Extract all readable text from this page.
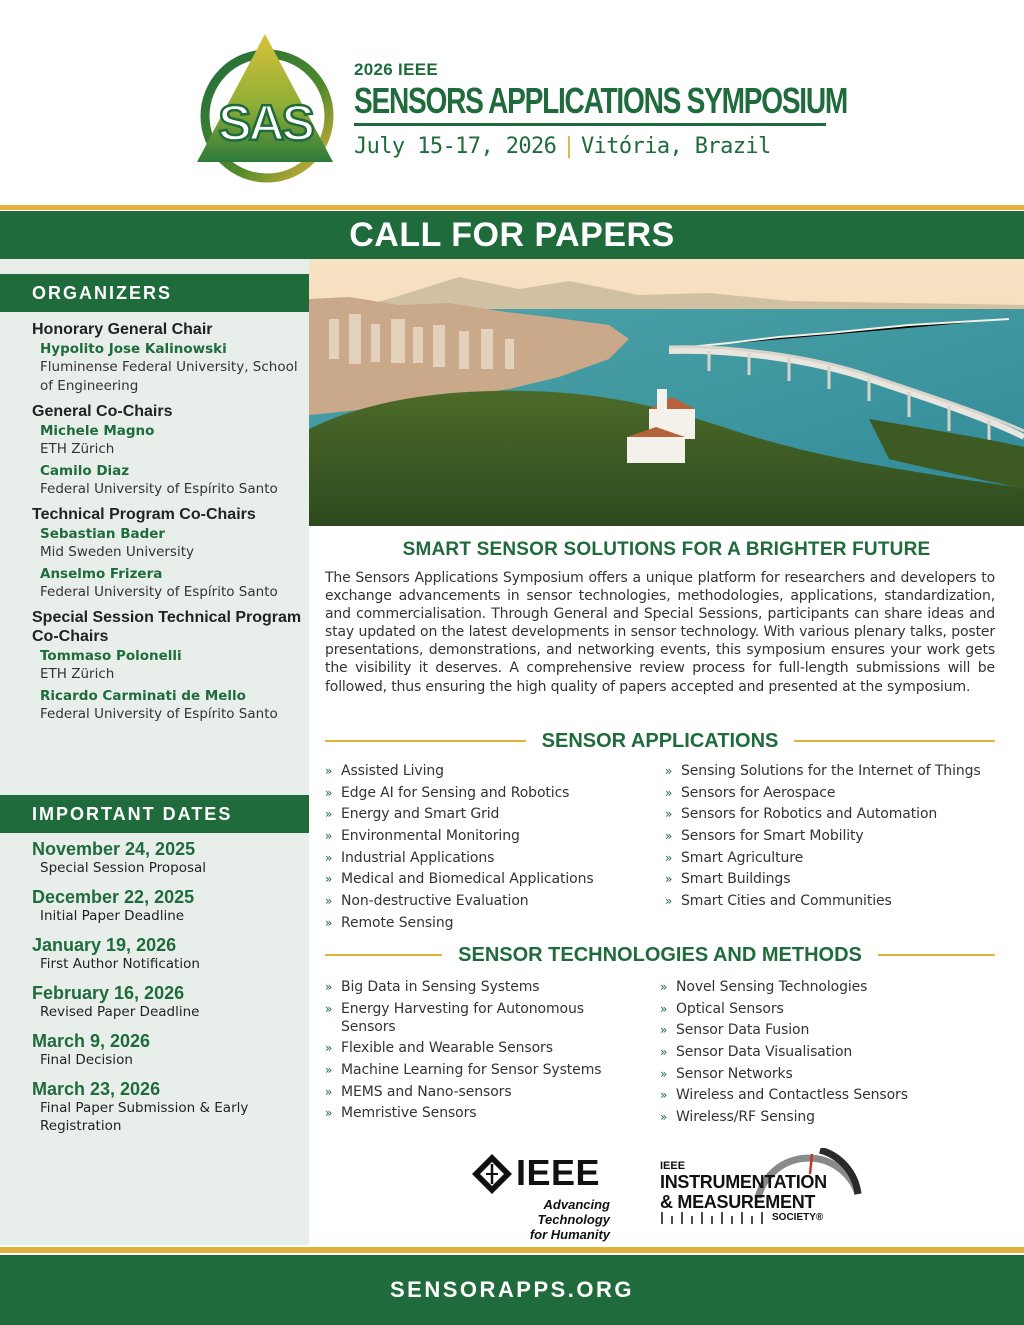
SAS
2026 IEEE
SENSORS APPLICATIONS SYMPOSIUM
July 15-17, 2026 | Vitória, Brazil
CALL FOR PAPERS
ORGANIZERS
Honorary General Chair
Hypolito Jose Kalinowski
Fluminense Federal University, School of Engineering
General Co-Chairs
Michele Magno
ETH Zürich
Camilo Diaz
Federal University of Espírito Santo
Technical Program Co-Chairs
Sebastian Bader
Mid Sweden University
Anselmo Frizera
Federal University of Espírito Santo
Special Session Technical Program Co-Chairs
Tommaso Polonelli
ETH Zürich
Ricardo Carminati de Mello
Federal University of Espírito Santo
IMPORTANT DATES
November 24, 2025
Special Session Proposal
December 22, 2025
Initial Paper Deadline
January 19, 2026
First Author Notification
February 16, 2026
Revised Paper Deadline
March 9, 2026
Final Decision
March 23, 2026
Final Paper Submission & Early Registration
SMART SENSOR SOLUTIONS FOR A BRIGHTER FUTURE

The Sensors Applications Symposium offers a unique platform for researchers and developers to exchange advancements in sensor technologies, methodologies, applications, standardization, and commercialisation. Through General and Special Sessions, participants can share ideas and stay updated on the latest developments in sensor technology. With various plenary talks, poster presentations, demonstrations, and networking events, this symposium ensures your work gets the visibility it deserves. A comprehensive review process for full-length submissions will be followed, thus ensuring the high quality of papers accepted and presented at the symposium.

SENSOR APPLICATIONS
» Assisted Living
» Edge AI for Sensing and Robotics
» Energy and Smart Grid
» Environmental Monitoring
» Industrial Applications
» Medical and Biomedical Applications
» Non-destructive Evaluation
» Remote Sensing
» Sensing Solutions for the Internet of Things
» Sensors for Aerospace
» Sensors for Robotics and Automation
» Sensors for Smart Mobility
» Smart Agriculture
» Smart Buildings
» Smart Cities and Communities
SENSOR TECHNOLOGIES AND METHODS
» Big Data in Sensing Systems
» Energy Harvesting for Autonomous Sensors
» Flexible and Wearable Sensors
» Machine Learning for Sensor Systems
» MEMS and Nano-sensors
» Memristive Sensors
» Novel Sensing Technologies
» Optical Sensors
» Sensor Data Fusion
» Sensor Data Visualisation
» Sensor Networks
» Wireless and Contactless Sensors
» Wireless/RF Sensing
IEEE
Advancing Technology
for Humanity
IEEE
INSTRUMENTATION
& MEASUREMENT
SOCIETY®
SENSORAPPS.ORG
